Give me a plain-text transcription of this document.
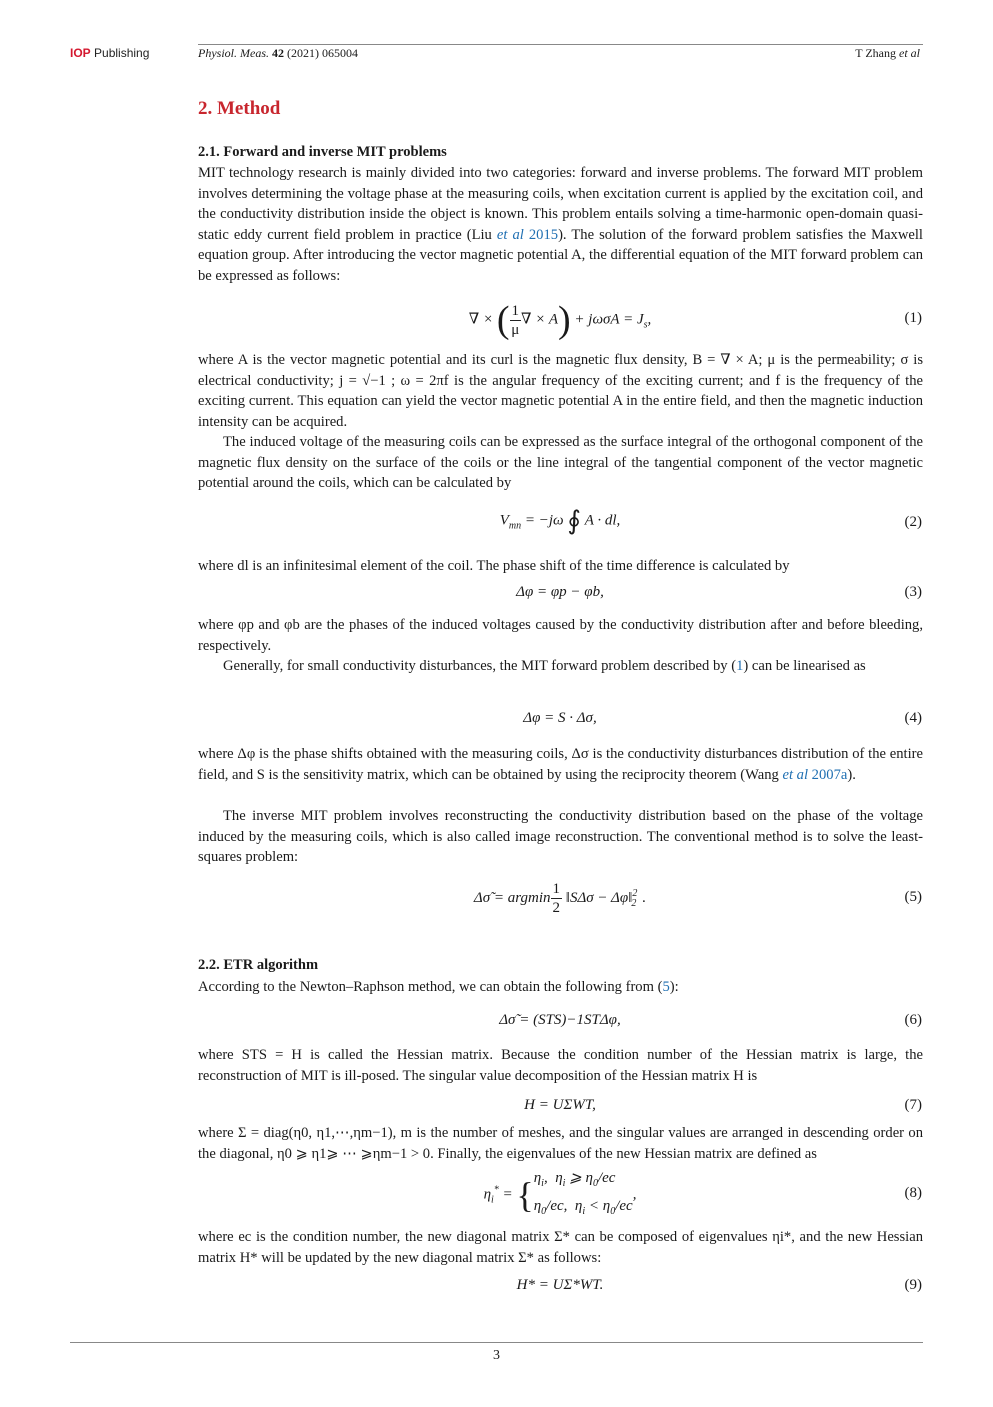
IOP Publishing	Physiol. Meas. 42 (2021) 065004	T Zhang et al
2. Method
2.1. Forward and inverse MIT problems

MIT technology research is mainly divided into two categories: forward and inverse problems. The forward MIT problem involves determining the voltage phase at the measuring coils, when excitation current is applied by the excitation coil, and the conductivity distribution inside the object is known. This problem entails solving a time-harmonic open-domain quasi-static eddy current field problem in practice (Liu et al 2015). The solution of the forward problem satisfies the Maxwell equation group. After introducing the vector magnetic potential A, the differential equation of the MIT forward problem can be expressed as follows:

∇ × ( $\frac{1}{\mu}$ ∇ × $A) + j\omega\sigma A = J_s$,	(1)

where A is the vector magnetic potential and its curl is the magnetic flux density, B = ∇ × A; μ is the permeability; σ is electrical conductivity; j = √−1 ; ω = 2πf is the angular frequency of the exciting current; and f is the frequency of the exciting current. This equation can yield the vector magnetic potential A in the entire field, and then the magnetic induction intensity can be acquired.

The induced voltage of the measuring coils can be expressed as the surface integral of the orthogonal component of the magnetic flux density on the surface of the coils or the line integral of the tangential component of the vector magnetic potential around the coils, which can be calculated by

$V_{mn} = -j\omega$ ∮ A · dl,	(2)

where dl is an infinitesimal element of the coil. The phase shift of the time difference is calculated by

Δφ = φp − φb,	(3)

where φp and φb are the phases of the induced voltages caused by the conductivity distribution after and before bleeding, respectively.

Generally, for small conductivity disturbances, the MIT forward problem described by (1) can be linearised as

Δφ = S · Δσ,	(4)

where Δφ is the phase shifts obtained with the measuring coils, Δσ is the conductivity disturbances distribution of the entire field, and S is the sensitivity matrix, which can be obtained by using the reciprocity theorem (Wang et al 2007a).

The inverse MIT problem involves reconstructing the conductivity distribution based on the phase of the voltage induced by the measuring coils, which is also called image reconstruction. The conventional method is to solve the least-squares problem:

Δσ̃ = argmin $\frac{1}{2}$ ‖SΔσ − Δφ‖$^2_2$ .	(5)
2.2. ETR algorithm

According to the Newton–Raphson method, we can obtain the following from (5):

Δσ̃ = (STS)−1STΔφ,	(6)

where STS = H is called the Hessian matrix. Because the condition number of the Hessian matrix is large, the reconstruction of MIT is ill-posed. The singular value decomposition of the Hessian matrix H is

H = UΣWT,	(7)

where Σ = diag(η0, η1,⋯,ηm−1), m is the number of meshes, and the singular values are arranged in descending order on the diagonal, η0 ⩾ η1⩾ ⋯ ⩾ηm−1 > 0. Finally, the eigenvalues of the new Hessian matrix are defined as

$\eta_i^* = \{\eta_i$,  $\eta_i$ ⩾ $\eta_0/ec$
$\eta_0/ec$,  $\eta_i < \eta_0/ec$,	(8)

where ec is the condition number, the new diagonal matrix Σ* can be composed of eigenvalues ηi*, and the new Hessian matrix H* will be updated by the new diagonal matrix Σ* as follows:

H* = UΣ*WT.	(9)
3
